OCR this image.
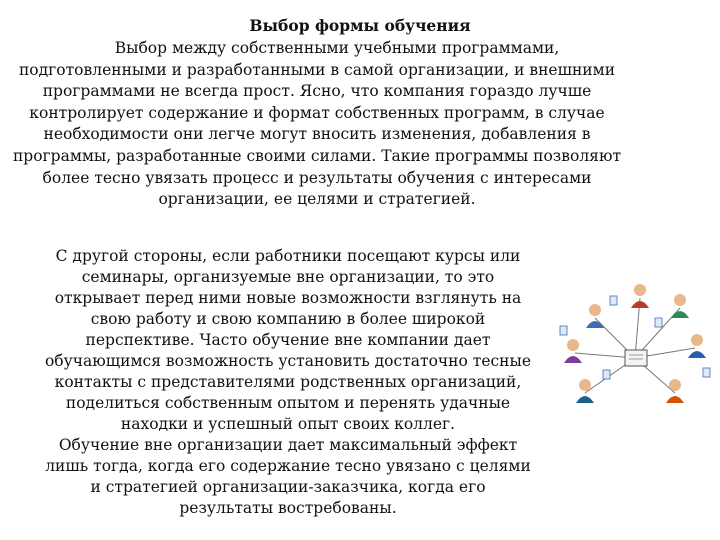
Выбор формы обучения
Выбор между собственными учебными программами, подготовленными и разработанными в самой организации, и внешними программами не всегда прост. Ясно, что компания гораздо лучше контролирует содержание и формат собственных программ, в случае необходимости они легче могут вносить изменения, добавления в программы, разработанные своими силами. Такие программы позволяют более тесно увязать процесс и результаты обучения с интересами организации, ее целями и стратегией.
С другой стороны, если работники посещают курсы или
семинары, организуемые вне организации, то это
открывает перед ними новые возможности взглянуть на
свою работу и свою компанию в более широкой
перспективе. Часто обучение вне компании дает
обучающимся возможность установить достаточно тесные
контакты с представителями родственных организаций,
поделиться собственным опытом и перенять удачные
находки и успешный опыт своих коллег.
Обучение вне организации дает максимальный эффект
лишь тогда, когда его содержание тесно увязано с целями
и стратегией организации-заказчика, когда его
результаты востребованы.
